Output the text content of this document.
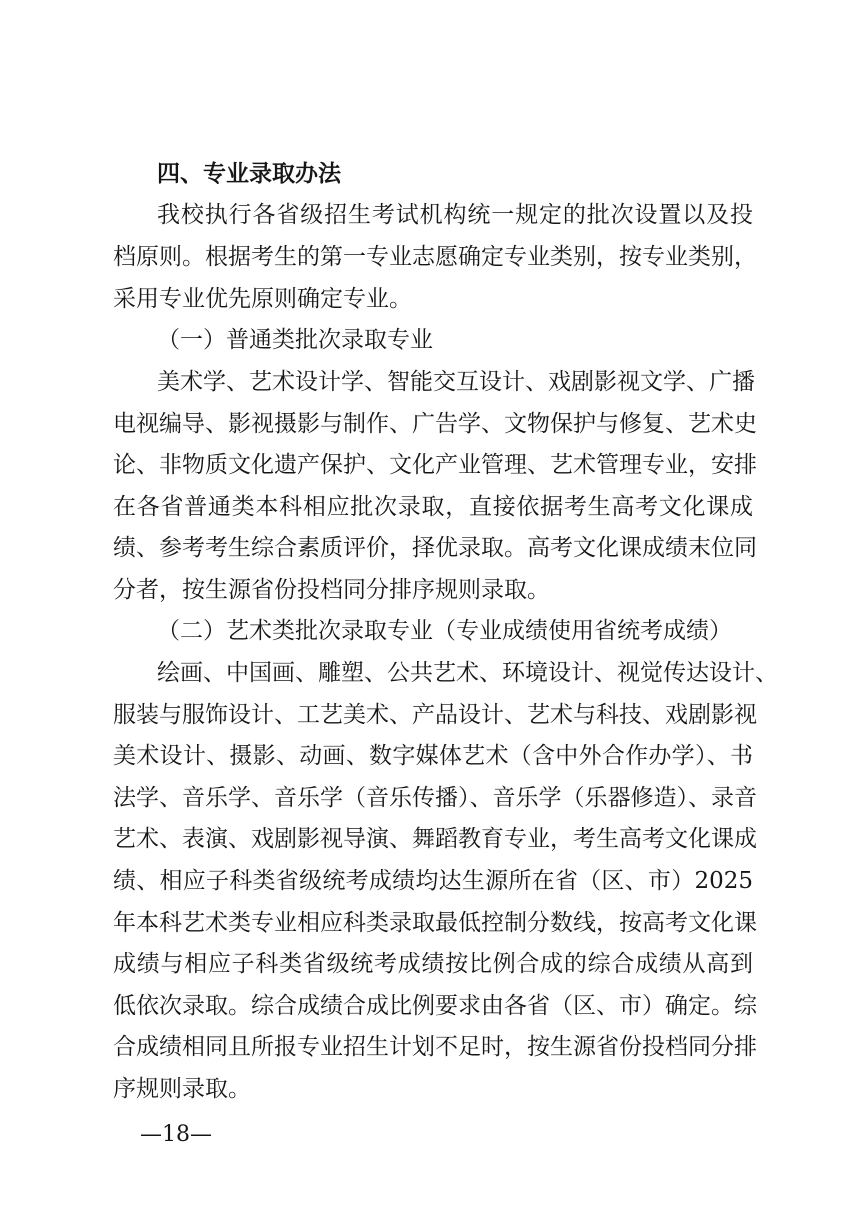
四、专业录取办法
我校执行各省级招生考试机构统一规定的批次设置以及投
档原则。根据考生的第一专业志愿确定专业类别，按专业类别，
采用专业优先原则确定专业。
（一）普通类批次录取专业
美术学、艺术设计学、智能交互设计、戏剧影视文学、广播
电视编导、影视摄影与制作、广告学、文物保护与修复、艺术史
论、非物质文化遗产保护、文化产业管理、艺术管理专业，安排
在各省普通类本科相应批次录取，直接依据考生高考文化课成
绩、参考考生综合素质评价，择优录取。高考文化课成绩末位同
分者，按生源省份投档同分排序规则录取。
（二）艺术类批次录取专业（专业成绩使用省统考成绩）
绘画、中国画、雕塑、公共艺术、环境设计、视觉传达设计、
服装与服饰设计、工艺美术、产品设计、艺术与科技、戏剧影视
美术设计、摄影、动画、数字媒体艺术（含中外合作办学）、书
法学、音乐学、音乐学（音乐传播）、音乐学（乐器修造）、录音
艺术、表演、戏剧影视导演、舞蹈教育专业，考生高考文化课成
绩、相应子科类省级统考成绩均达生源所在省（区、市）2025
年本科艺术类专业相应科类录取最低控制分数线，按高考文化课
成绩与相应子科类省级统考成绩按比例合成的综合成绩从高到
低依次录取。综合成绩合成比例要求由各省（区、市）确定。综
合成绩相同且所报专业招生计划不足时，按生源省份投档同分排
序规则录取。
—18—
